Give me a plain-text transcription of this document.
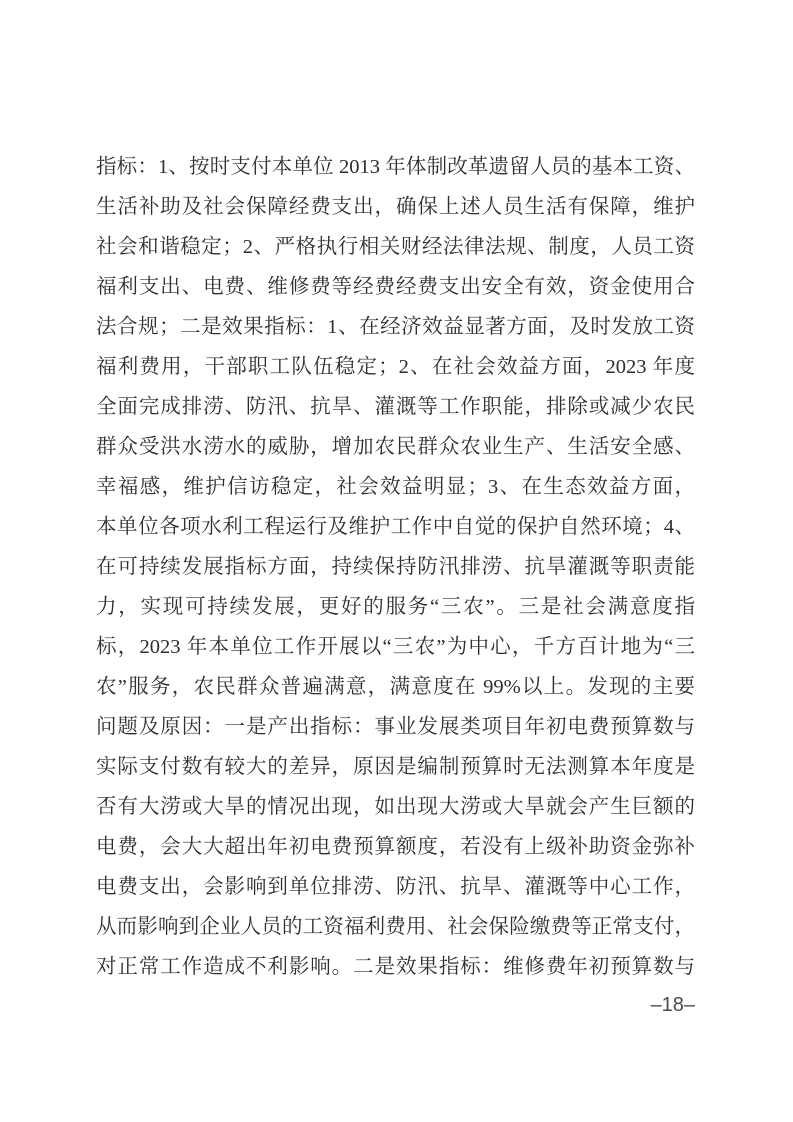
指标：1、按时支付本单位 2013 年体制改革遗留人员的基本工资、
生活补助及社会保障经费支出，确保上述人员生活有保障，维护
社会和谐稳定；2、严格执行相关财经法律法规、制度，人员工资
福利支出、电费、维修费等经费经费支出安全有效，资金使用合
法合规；二是效果指标：1、在经济效益显著方面，及时发放工资
福利费用，干部职工队伍稳定；2、在社会效益方面，2023 年度
全面完成排涝、防汛、抗旱、灌溉等工作职能，排除或减少农民
群众受洪水涝水的威胁，增加农民群众农业生产、生活安全感、
幸福感，维护信访稳定，社会效益明显；3、在生态效益方面，
本单位各项水利工程运行及维护工作中自觉的保护自然环境；4、
在可持续发展指标方面，持续保持防汛排涝、抗旱灌溉等职责能
力，实现可持续发展，更好的服务“三农”。三是社会满意度指
标，2023 年本单位工作开展以“三农”为中心，千方百计地为“三
农”服务，农民群众普遍满意，满意度在 99%以上。发现的主要
问题及原因：一是产出指标：事业发展类项目年初电费预算数与
实际支付数有较大的差异，原因是编制预算时无法测算本年度是
否有大涝或大旱的情况出现，如出现大涝或大旱就会产生巨额的
电费，会大大超出年初电费预算额度，若没有上级补助资金弥补
电费支出，会影响到单位排涝、防汛、抗旱、灌溉等中心工作，
从而影响到企业人员的工资福利费用、社会保险缴费等正常支付，
对正常工作造成不利影响。二是效果指标：维修费年初预算数与
–18–
